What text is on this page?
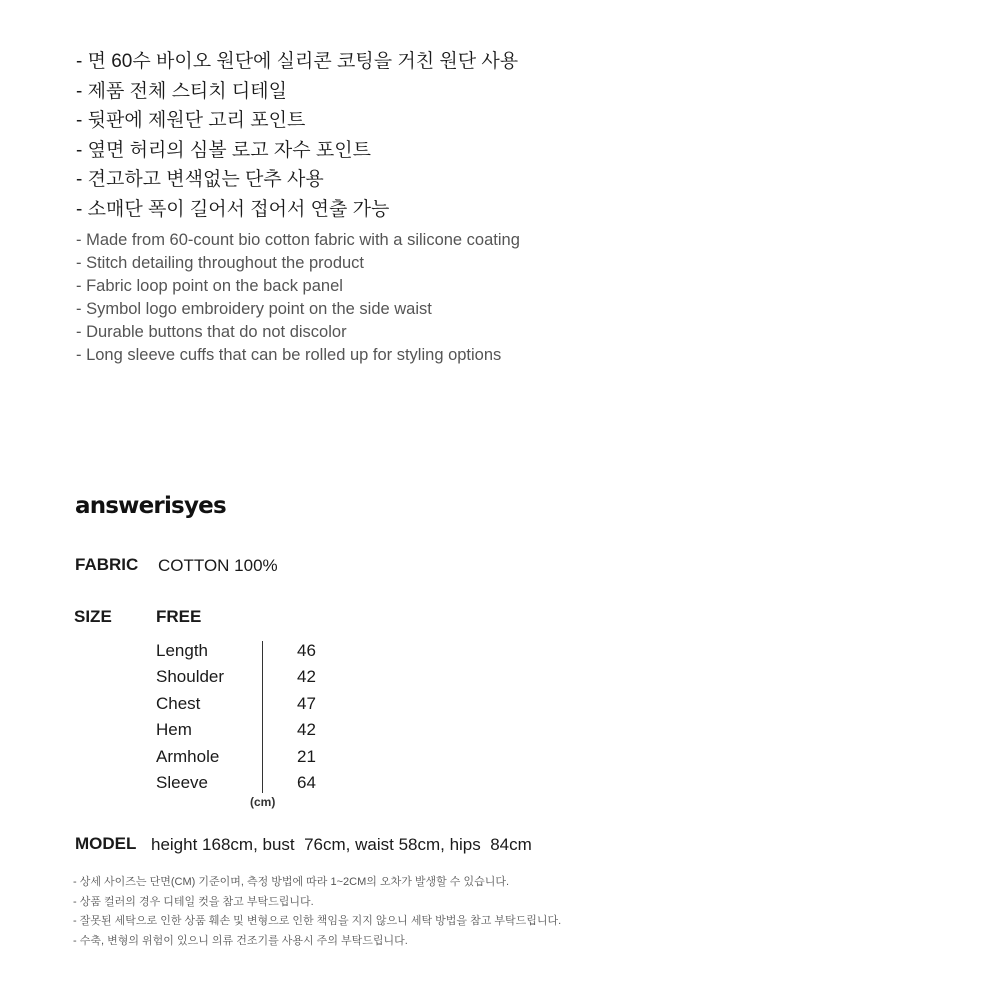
- 면 60수 바이오 원단에 실리콘 코팅을 거친 원단 사용
- 제품 전체 스티치 디테일
- 뒷판에 제원단 고리 포인트
- 옆면 허리의 심볼 로고 자수 포인트
- 견고하고 변색없는 단추 사용
- 소매단 폭이 길어서 접어서 연출 가능
- Made from 60-count bio cotton fabric with a silicone coating
- Stitch detailing throughout the product
- Fabric loop point on the back panel
- Symbol logo embroidery point on the side waist
- Durable buttons that do not discolor
- Long sleeve cuffs that can be rolled up for styling options
answerisyes
FABRIC COTTON 100%
SIZE	FREE
Length
Shoulder
Chest
Hem
Armhole
Sleeve
46
42
47
42
21
64
(cm)
MODEL height 168cm, bust  76cm, waist 58cm, hips  84cm
- 상세 사이즈는 단면(CM) 기준이며, 측정 방법에 따라 1~2CM의 오차가 발생할 수 있습니다.
- 상품 컬러의 경우 디테일 컷을 참고 부탁드립니다.
- 잘못된 세탁으로 인한 상품 훼손 및 변형으로 인한 책임을 지지 않으니 세탁 방법을 참고 부탁드립니다.
- 수축, 변형의 위험이 있으니 의류 건조기를 사용시 주의 부탁드립니다.
